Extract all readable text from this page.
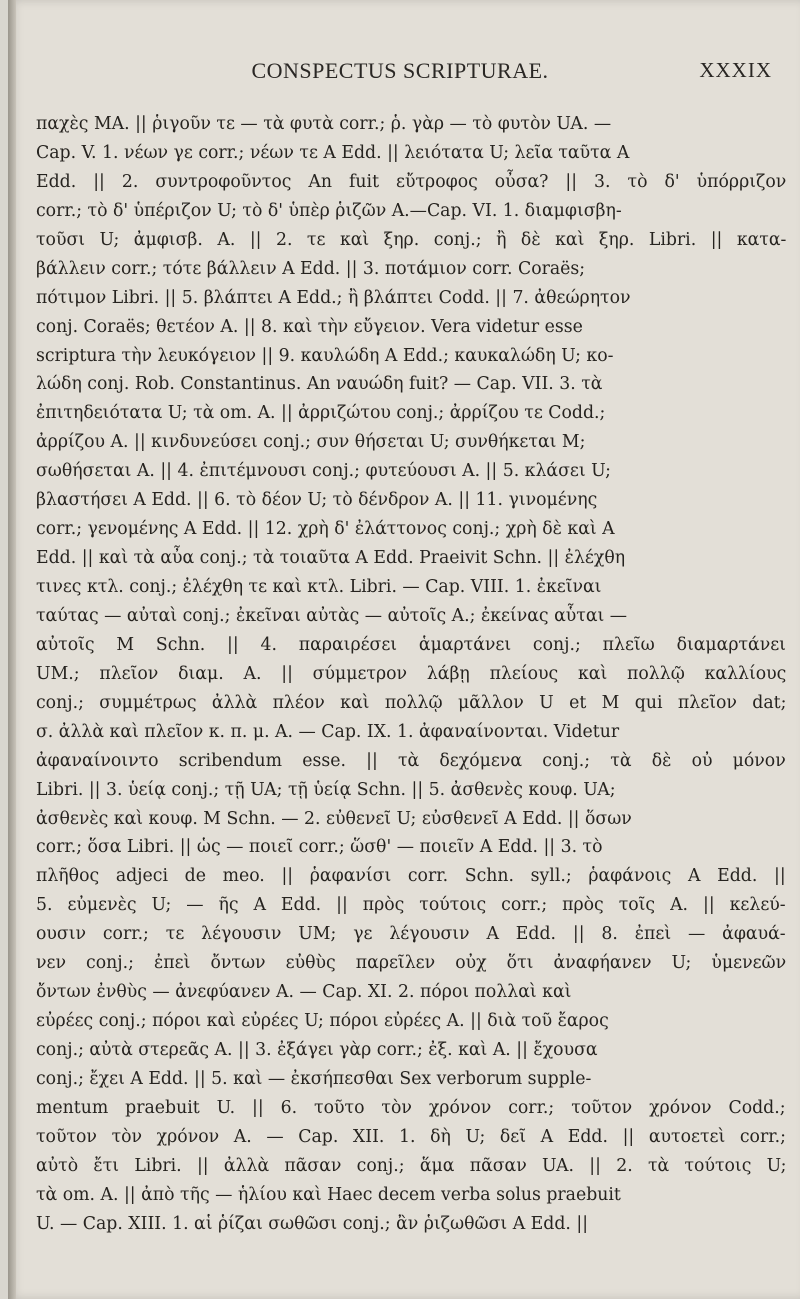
CONSPECTUS SCRIPTURAE.	XXXIX
παχὲς MA. || ῥιγοῦν τε — τὰ φυτὰ corr.; ῥ. γὰρ — τὸ φυτὸν UA. —
Cap. V. 1. νέων γε corr.; νέων τε A Edd. || λειότατα U; λεῖα ταῦτα A
Edd. || 2. συντροφοῦντος An fuit εὔτροφος οὖσα? || 3. τὸ δ' ὑπόρριζον
corr.; τὸ δ' ὑπέριζον U; τὸ δ' ὑπὲρ ῥιζῶν A.—Cap. VI. 1. διαμφισβη-
τοῦσι U; ἀμφισβ. A. || 2. τε καὶ ξηρ. conj.; ἢ δὲ καὶ ξηρ. Libri. || κατα-
βάλλειν corr.; τότε βάλλειν A Edd. || 3. ποτάμιον corr. Coraës;
πότιμον Libri. || 5. βλάπτει A Edd.; ἢ βλάπτει Codd. || 7. ἀθεώρητον
conj. Coraës; θετέον A. || 8. καὶ τὴν εὔγειον. Vera videtur esse
scriptura τὴν λευκόγειον || 9. καυλώδη A Edd.; καυκαλώδη U; κο-
λώδη conj. Rob. Constantinus. An ναυώδη fuit? — Cap. VII. 3. τὰ
ἐπιτηδειότατα U; τὰ om. A. || ἀρριζώτου conj.; ἀρρίζου τε Codd.;
ἀρρίζου A. || κινδυνεύσει conj.; συν θήσεται U; συνθήκεται M;
σωθήσεται A. || 4. ἐπιτέμνουσι conj.; φυτεύουσι A. || 5. κλάσει U;
βλαστήσει A Edd. || 6. τὸ δέον U; τὸ δένδρον A. || 11. γινομένης
corr.; γενομένης A Edd. || 12. χρὴ δ' ἐλάττονος conj.; χρὴ δὲ καὶ A
Edd. || καὶ τὰ αὖα conj.; τὰ τοιαῦτα A Edd. Praeivit Schn. || ἐλέχθη
τινες κτλ. conj.; ἐλέχθη τε καὶ κτλ. Libri. — Cap. VIII. 1. ἐκεῖναι
ταύτας — αὐταὶ conj.; ἐκεῖναι αὐτὰς — αὐτοῖς A.; ἐκείνας αὗται —
αὐτοῖς M Schn. || 4. παραιρέσει ἁμαρτάνει conj.; πλεῖω διαμαρτάνει
UM.; πλεῖον διαμ. A. || σύμμετρον λάβῃ πλείους καὶ πολλῷ καλλίους
conj.; συμμέτρως ἀλλὰ πλέον καὶ πολλῷ μᾶλλον U et M qui πλεῖον dat;
σ. ἀλλὰ καὶ πλεῖον κ. π. μ. A. — Cap. IX. 1. ἀφαναίνονται. Videtur
ἀφαναίνοιντο scribendum esse. || τὰ δεχόμενα conj.; τὰ δὲ οὐ μόνον
Libri. || 3. ὑείᾳ conj.; τῇ UA; τῇ ὑείᾳ Schn. || 5. ἀσθενὲς κουφ. UA;
ἀσθενὲς καὶ κουφ. M Schn. — 2. εὐθενεῖ U; εὐσθενεῖ A Edd. || ὅσων
corr.; ὅσα Libri. || ὡς — ποιεῖ corr.; ὥσθ' — ποιεῖν A Edd. || 3. τὸ
πλῆθος adjeci de meo. || ῥαφανίσι corr. Schn. syll.; ῥαφάνοις A Edd. ||
5. εὐμενὲς U; — ῆς A Edd. || πρὸς τούτοις corr.; πρὸς τοῖς A. || κελεύ-
ουσιν corr.; τε λέγουσιν UM; γε λέγουσιν A Edd. || 8. ἐπεὶ — ἀφαυά-
νεν conj.; ἐπεὶ ὄντων εὐθὺς παρεῖλεν οὐχ ὅτι ἀναφήανεν U; ὑμενεῶν
ὄντων ἐνθὺς — ἀνεφύανεν A. — Cap. XI. 2. πόροι πολλαὶ καὶ
εὐρέες conj.; πόροι καὶ εὐρέες U; πόροι εὐρέες A. || διὰ τοῦ ἔαρος
conj.; αὐτὰ στερεᾶς A. || 3. ἐξάγει γὰρ corr.; ἐξ. καὶ A. || ἔχουσα
conj.; ἔχει A Edd. || 5. καὶ — ἐκσήπεσθαι Sex verborum supple-
mentum praebuit U. || 6. τοῦτο τὸν χρόνον corr.; τοῦτον χρόνον Codd.;
τοῦτον τὸν χρόνον A. — Cap. XII. 1. δὴ U; δεῖ A Edd. || αυτοετεὶ corr.;
αὐτὸ ἔτι Libri. || ἀλλὰ πᾶσαν conj.; ἅμα πᾶσαν UA. || 2. τὰ τούτοις U;
τὰ om. A. || ἀπὸ τῆς — ἡλίου καὶ Haec decem verba solus praebuit
U. — Cap. XIII. 1. αἱ ῥίζαι σωθῶσι conj.; ἂν ῥιζωθῶσι A Edd. ||
